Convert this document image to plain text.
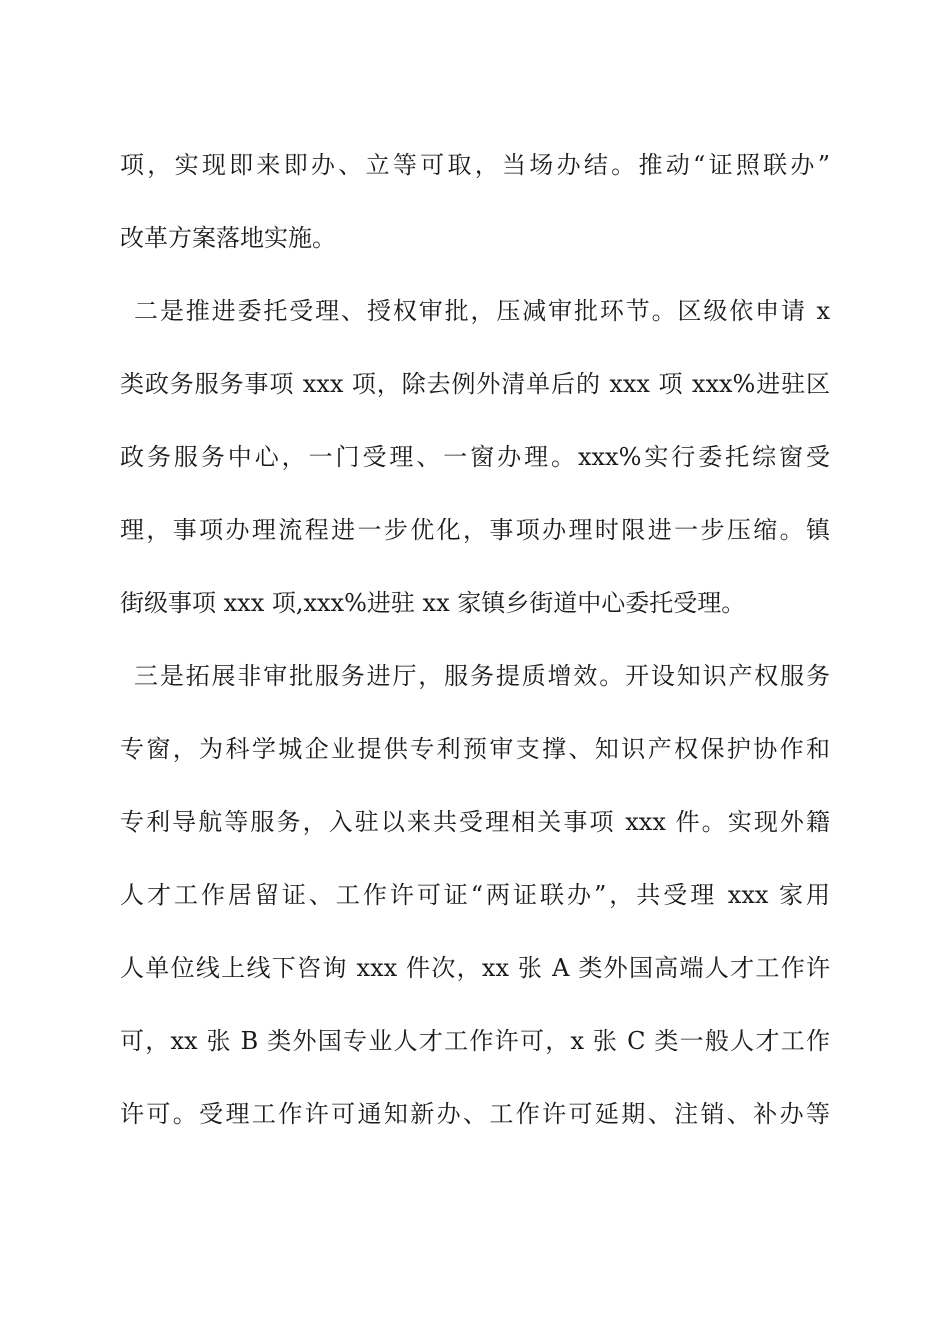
项，实现即来即办、立等可取，当场办结。推动“证照联办”
改革方案落地实施。
二是推进委托受理、授权审批，压减审批环节。区级依申请 x
类政务服务事项 xxx 项，除去例外清单后的 xxx 项 xxx%进驻区
政务服务中心，一门受理、一窗办理。xxx%实行委托综窗受
理，事项办理流程进一步优化，事项办理时限进一步压缩。镇
街级事项 xxx 项,xxx%进驻 xx 家镇乡街道中心委托受理。
三是拓展非审批服务进厅，服务提质增效。开设知识产权服务
专窗，为科学城企业提供专利预审支撑、知识产权保护协作和
专利导航等服务，入驻以来共受理相关事项 xxx 件。实现外籍
人才工作居留证、工作许可证“两证联办”，共受理 xxx 家用
人单位线上线下咨询 xxx 件次，xx 张 A 类外国高端人才工作许
可，xx 张 B 类外国专业人才工作许可，x 张 C 类一般人才工作
许可。受理工作许可通知新办、工作许可延期、注销、补办等
